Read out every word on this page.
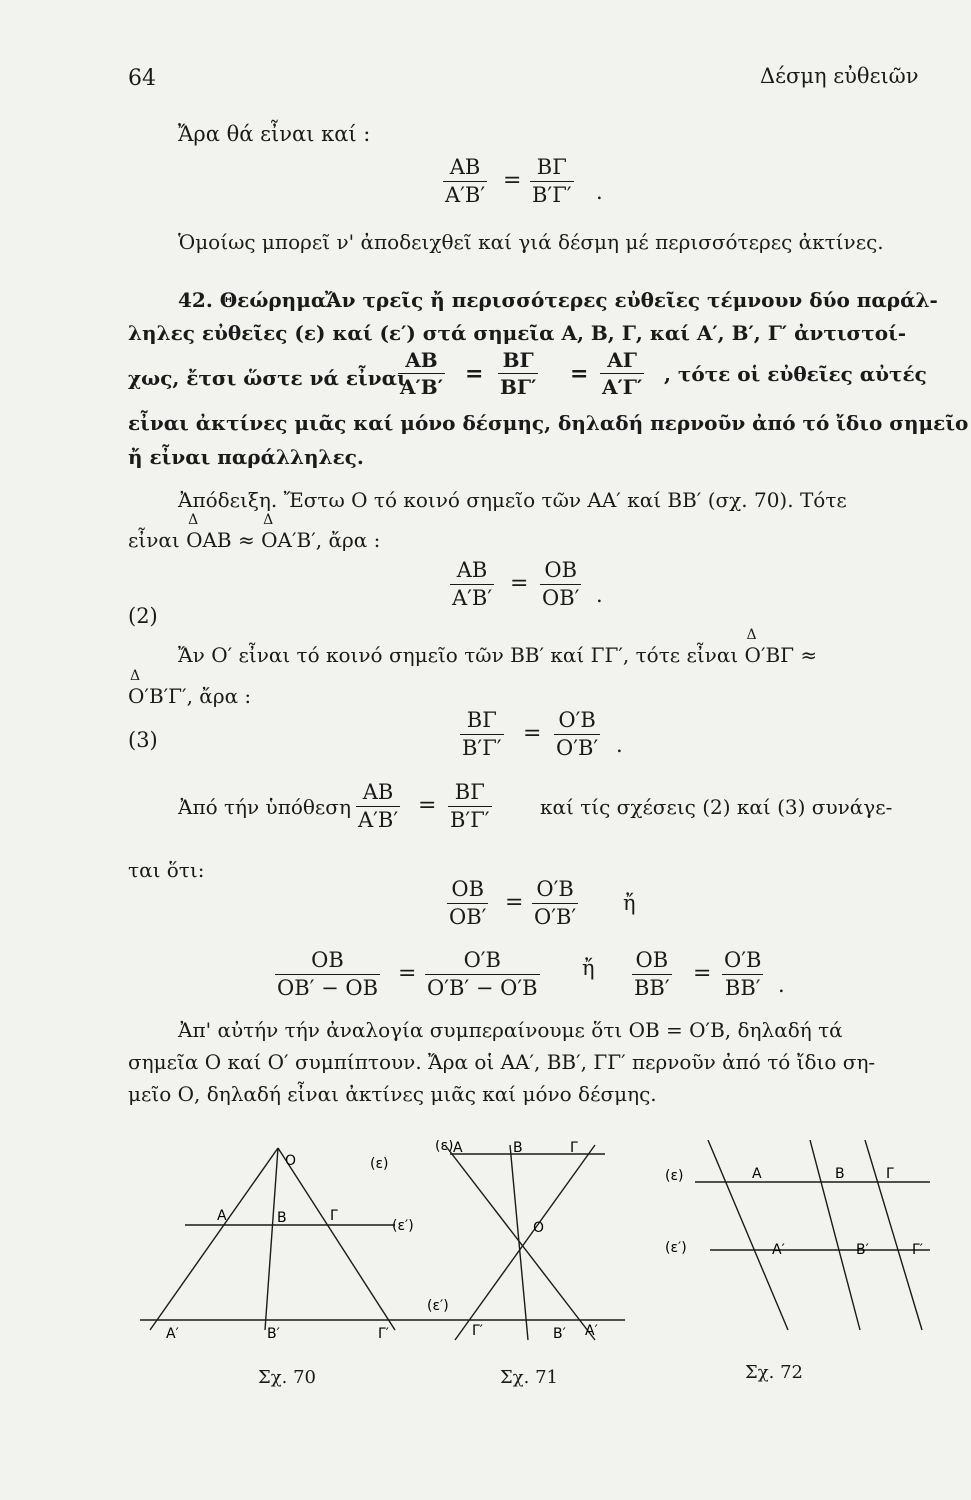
64	Δέσμη εὐθειῶν
Ἄρα θά εἶναι καί :
AB
A′B′
=
BΓ
B′Γ′ .
Ὁμοίως μπορεῖ ν' ἀποδειχθεῖ καί γιά δέσμη μέ περισσότερες ἀκτίνες.
42. Θεώρημα.
Ἄν τρεῖς ἤ περισσότερες εὐθεῖες τέμνουν δύο παράλ-
ληλες εὐθεῖες (ε) καί (ε′) στά σημεῖα Α, Β, Γ, καί Α′, Β′, Γ′ ἀντιστοί-
χως, ἔτσι ὥστε νά εἶναι
AB
A′B′ =
BΓ
BΓ′ =
AΓ
A′Γ′
, τότε οἱ εὐθεῖες αὐτές
εἶναι ἀκτίνες μιᾶς καί μόνο δέσμης, δηλαδή περνοῦν ἀπό τό ἴδιο σημεῖο
ἤ εἶναι παράλληλες.
Ἀπόδειξη. Ἔστω Ο τό κοινό σημεῖο τῶν ΑΑ′ καί ΒΒ′ (σχ. 70). Τότε
εἶναι Δ OAB ≈ Δ OA′B′, ἄρα :
(2)
AB
A′B′
=
OB
OB′ .
Ἄν Ο′ εἶναι τό κοινό σημεῖο τῶν ΒΒ′ καί ΓΓ′, τότε εἶναι Δ O′BΓ ≈
Δ O′B′Γ′, ἄρα :
(3)
BΓ
B′Γ′
=
O′B
O′B′ .
Ἀπό τήν ὑπόθεση
AB
A′B′
=
BΓ
B′Γ′
καί τίς σχέσεις (2) καί (3) συνάγε-
ται ὅτι:
OB
OB′
=
O′B
O′B′
ἤ
OB
OB′ − OB
=
O′B
O′B′ − O′B
ἤ OB
BB′
=
O′B
BB′ .
Ἀπ' αὐτήν τήν ἀναλογία συμπεραίνουμε ὅτι ΟΒ = Ο′Β, δηλαδή τά
σημεῖα Ο καί Ο′ συμπίπτουν. Ἄρα οἱ ΑΑ′, ΒΒ′, ΓΓ′ περνοῦν ἀπό τό ἴδιο ση-
μεῖο Ο, δηλαδή εἶναι ἀκτίνες μιᾶς καί μόνο δέσμης.
O
A	B	Γ
(ε)
(ε′)
A′	B′	Γ′
Σχ. 70
A	B	Γ
O
(ε′)
(ε)
Γ′	B′ A′
Σχ. 71
(ε)	A	B	Γ
(ε′)	A′	B′	Γ′
Σχ. 72
